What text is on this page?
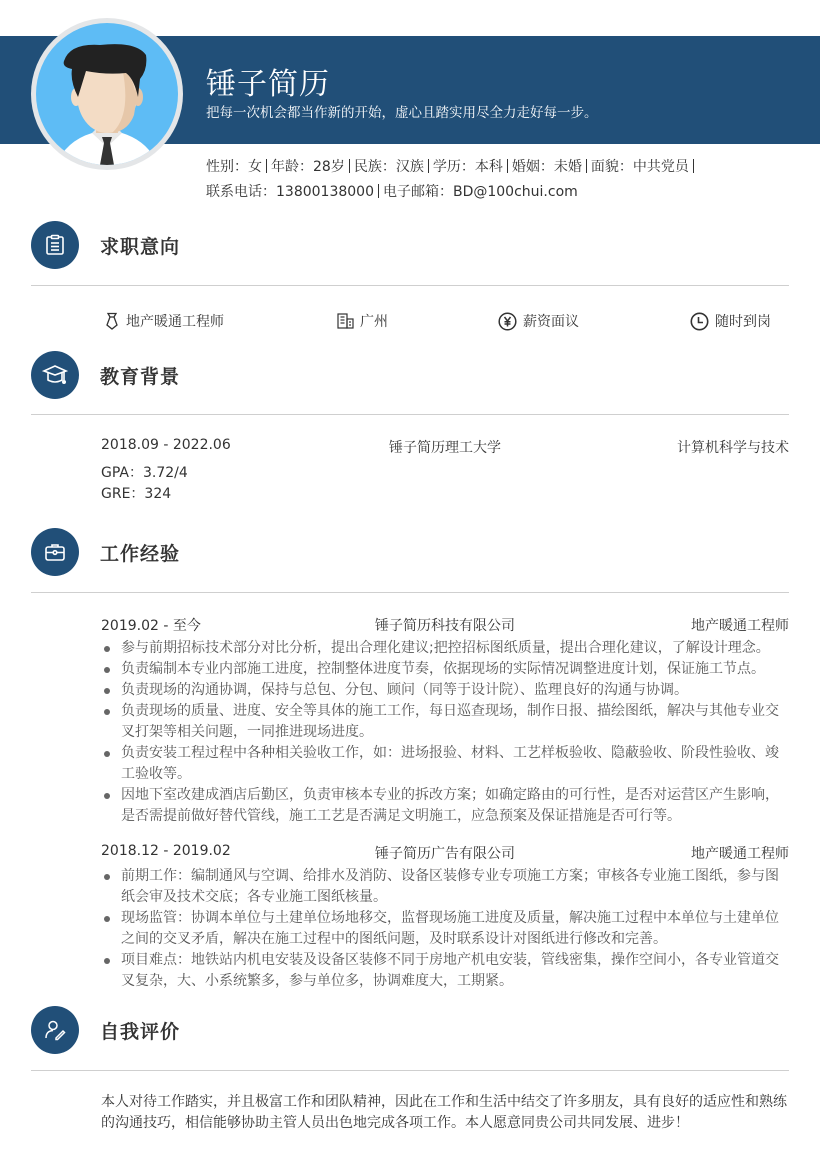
锤子简历
把每一次机会都当作新的开始，虚心且踏实用尽全力走好每一步。
性别：女 年龄：28岁 民族：汉族 学历：本科 婚姻：未婚 面貌：中共党员
联系电话：13800138000 电子邮箱：BD@100chui.com
求职意向
地产暖通工程师	广州	薪资面议	随时到岗
教育背景
2018.09 - 2022.06	锤子简历理工大学	计算机科学与技术
GPA：3.72/4
GRE：324
工作经验
2019.02 - 至今	锤子简历科技有限公司	地产暖通工程师
参与前期招标技术部分对比分析，提出合理化建议;把控招标图纸质量，提出合理化建议，了解设计理念。
负责编制本专业内部施工进度，控制整体进度节奏，依据现场的实际情况调整进度计划，保证施工节点。
负责现场的沟通协调，保持与总包、分包、顾问（同等于设计院）、监理良好的沟通与协调。
负责现场的质量、进度、安全等具体的施工工作，每日巡查现场，制作日报、描绘图纸，解决与其他专业交叉打架等相关问题，一同推进现场进度。
负责安装工程过程中各种相关验收工作，如：进场报验、材料、工艺样板验收、隐蔽验收、阶段性验收、竣工验收等。
因地下室改建成酒店后勤区，负责审核本专业的拆改方案；如确定路由的可行性，是否对运营区产生影响，是否需提前做好替代管线，施工工艺是否满足文明施工，应急预案及保证措施是否可行等。
2018.12 - 2019.02	锤子简历广告有限公司	地产暖通工程师
前期工作：编制通风与空调、给排水及消防、设备区装修专业专项施工方案；审核各专业施工图纸，参与图纸会审及技术交底；各专业施工图纸核量。
现场监管：协调本单位与土建单位场地移交，监督现场施工进度及质量，解决施工过程中本单位与土建单位之间的交叉矛盾，解决在施工过程中的图纸问题，及时联系设计对图纸进行修改和完善。
项目难点：地铁站内机电安装及设备区装修不同于房地产机电安装，管线密集，操作空间小，各专业管道交叉复杂，大、小系统繁多，参与单位多，协调难度大，工期紧。
自我评价
本人对待工作踏实，并且极富工作和团队精神，因此在工作和生活中结交了许多朋友，具有良好的适应性和熟练的沟通技巧，相信能够协助主管人员出色地完成各项工作。本人愿意同贵公司共同发展、进步！
